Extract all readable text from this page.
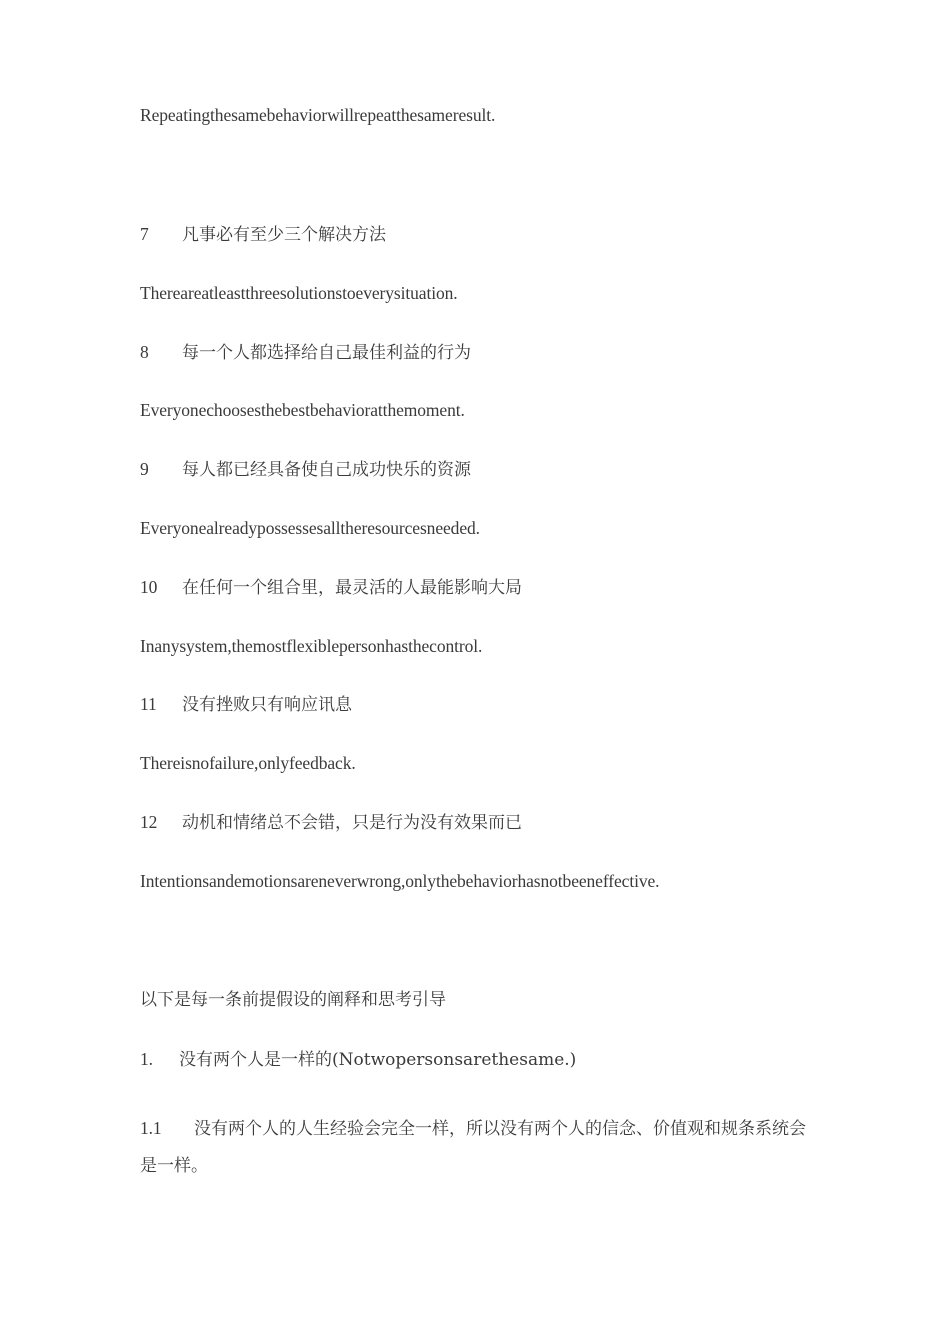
Repeatingthesamebehaviorwillrepeatthesameresult.
7 凡事必有至少三个解决方法
Thereareatleastthreesolutionstoeverysituation.
8 每一个人都选择给自己最佳利益的行为
Everyonechoosesthebestbehavioratthemoment.
9 每人都已经具备使自己成功快乐的资源
Everyonealreadypossessesalltheresourcesneeded.
10 在任何一个组合里，最灵活的人最能影响大局
Inanysystem,themostflexiblepersonhasthecontrol.
11 没有挫败只有响应讯息
Thereisnofailure,onlyfeedback.
12 动机和情绪总不会错，只是行为没有效果而已
Intentionsandemotionsareneverwrong,onlythebehaviorhasnotbeeneffective.
以下是每一条前提假设的阐释和思考引导
1. 没有两个人是一样的(Notwopersonsarethesame.)
1.1 没有两个人的人生经验会完全一样，所以没有两个人的信念、价值观和规条系统会是一样。
